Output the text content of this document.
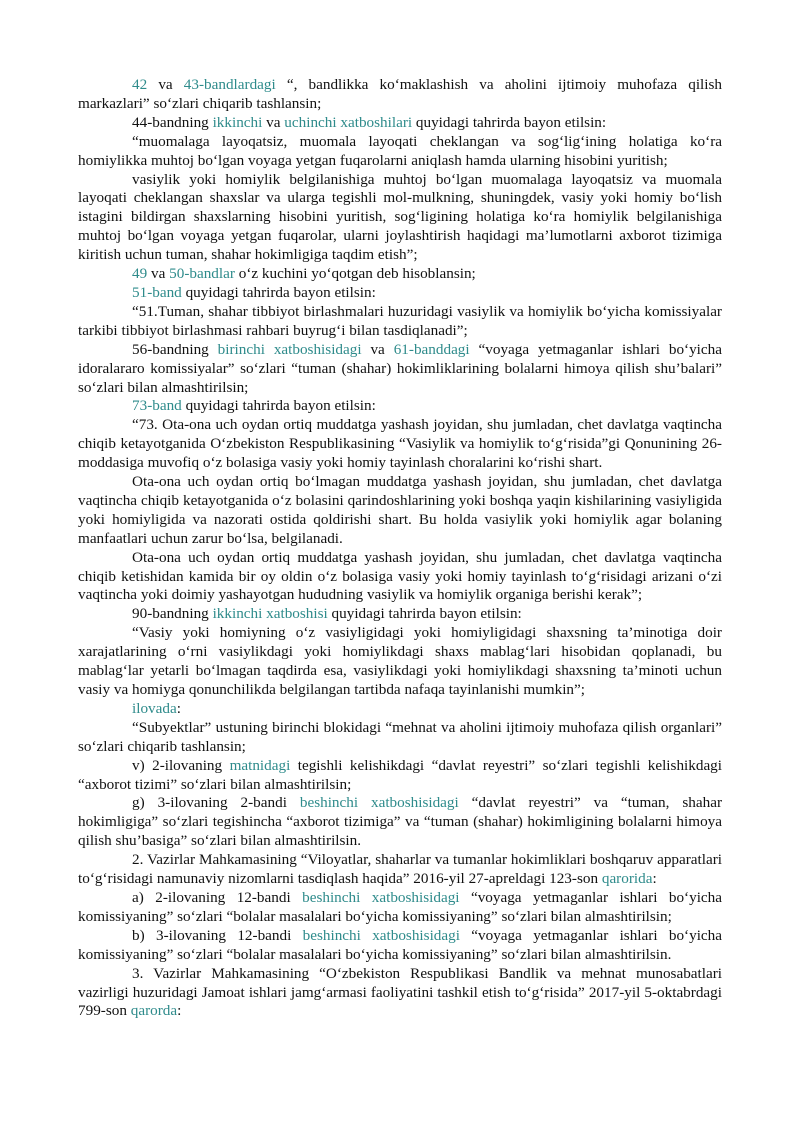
42 va 43-bandlardagi “, bandlikka ko‘maklashish va aholini ijtimoiy muhofaza qilish markazlari” so‘zlari chiqarib tashlansin;

44-bandning ikkinchi va uchinchi xatboshilari quyidagi tahrirda bayon etilsin:

“muomalaga layoqatsiz, muomala layoqati cheklangan va sog‘lig‘ining holatiga ko‘ra homiylikka muhtoj bo‘lgan voyaga yetgan fuqarolarni aniqlash hamda ularning hisobini yuritish;

vasiylik yoki homiylik belgilanishiga muhtoj bo‘lgan muomalaga layoqatsiz va muomala layoqati cheklangan shaxslar va ularga tegishli mol-mulkning, shuningdek, vasiy yoki homiy bo‘lish istagini bildirgan shaxslarning hisobini yuritish, sog‘ligining holatiga ko‘ra homiylik belgilanishiga muhtoj bo‘lgan voyaga yetgan fuqarolar, ularni joylashtirish haqidagi ma’lumotlarni axborot tizimiga kiritish uchun tuman, shahar hokimligiga taqdim etish”;

49 va 50-bandlar o‘z kuchini yo‘qotgan deb hisoblansin;

51-band quyidagi tahrirda bayon etilsin:

“51.Tuman, shahar tibbiyot birlashmalari huzuridagi vasiylik va homiylik bo‘yicha komissiyalar tarkibi tibbiyot birlashmasi rahbari buyrug‘i bilan tasdiqlanadi”;

56-bandning birinchi xatboshisidagi va 61-banddagi “voyaga yetmaganlar ishlari bo‘yicha idoralararo komissiyalar” so‘zlari “tuman (shahar) hokimliklarining bolalarni himoya qilish shu’balari” so‘zlari bilan almashtirilsin;

73-band quyidagi tahrirda bayon etilsin:

“73. Ota-ona uch oydan ortiq muddatga yashash joyidan, shu jumladan, chet davlatga vaqtincha chiqib ketayotganida O‘zbekiston Respublikasining “Vasiylik va homiylik to‘g‘risida”gi Qonunining 26-moddasiga muvofiq o‘z bolasiga vasiy yoki homiy tayinlash choralarini ko‘rishi shart.

Ota-ona uch oydan ortiq bo‘lmagan muddatga yashash joyidan, shu jumladan, chet davlatga vaqtincha chiqib ketayotganida o‘z bolasini qarindoshlarining yoki boshqa yaqin kishilarining vasiyligida yoki homiyligida va nazorati ostida qoldirishi shart. Bu holda vasiylik yoki homiylik agar bolaning manfaatlari uchun zarur bo‘lsa, belgilanadi.

Ota-ona uch oydan ortiq muddatga yashash joyidan, shu jumladan, chet davlatga vaqtincha chiqib ketishidan kamida bir oy oldin o‘z bolasiga vasiy yoki homiy tayinlash to‘g‘risidagi arizani o‘zi vaqtincha yoki doimiy yashayotgan hududning vasiylik va homiylik organiga berishi kerak”;

90-bandning ikkinchi xatboshisi quyidagi tahrirda bayon etilsin:

“Vasiy yoki homiyning o‘z vasiyligidagi yoki homiyligidagi shaxsning ta’minotiga doir xarajatlarining o‘rni vasiylikdagi yoki homiylikdagi shaxs mablag‘lari hisobidan qoplanadi, bu mablag‘lar yetarli bo‘lmagan taqdirda esa, vasiylikdagi yoki homiylikdagi shaxsning ta’minoti uchun vasiy va homiyga qonunchilikda belgilangan tartibda nafaqa tayinlanishi mumkin”;

ilovada:

“Subyektlar” ustuning birinchi blokidagi “mehnat va aholini ijtimoiy muhofaza qilish organlari” so‘zlari chiqarib tashlansin;

v) 2-ilovaning matnidagi tegishli kelishikdagi “davlat reyestri” so‘zlari tegishli kelishikdagi “axborot tizimi” so‘zlari bilan almashtirilsin;

g) 3-ilovaning 2-bandi beshinchi xatboshisidagi “davlat reyestri” va “tuman, shahar hokimligiga” so‘zlari tegishincha “axborot tizimiga” va “tuman (shahar) hokimligining bolalarni himoya qilish shu’basiga” so‘zlari bilan almashtirilsin.

2. Vazirlar Mahkamasining “Viloyatlar, shaharlar va tumanlar hokimliklari boshqaruv apparatlari to‘g‘risidagi namunaviy nizomlarni tasdiqlash haqida” 2016-yil 27-apreldagi 123-son qarorida:

a) 2-ilovaning 12-bandi beshinchi xatboshisidagi “voyaga yetmaganlar ishlari bo‘yicha komissiyaning” so‘zlari “bolalar masalalari bo‘yicha komissiyaning” so‘zlari bilan almashtirilsin;

b) 3-ilovaning 12-bandi beshinchi xatboshisidagi “voyaga yetmaganlar ishlari bo‘yicha komissiyaning” so‘zlari “bolalar masalalari bo‘yicha komissiyaning” so‘zlari bilan almashtirilsin.

3. Vazirlar Mahkamasining “O‘zbekiston Respublikasi Bandlik va mehnat munosabatlari vazirligi huzuridagi Jamoat ishlari jamg‘armasi faoliyatini tashkil etish to‘g‘risida” 2017-yil 5-oktabrdagi 799-son qarorda:
